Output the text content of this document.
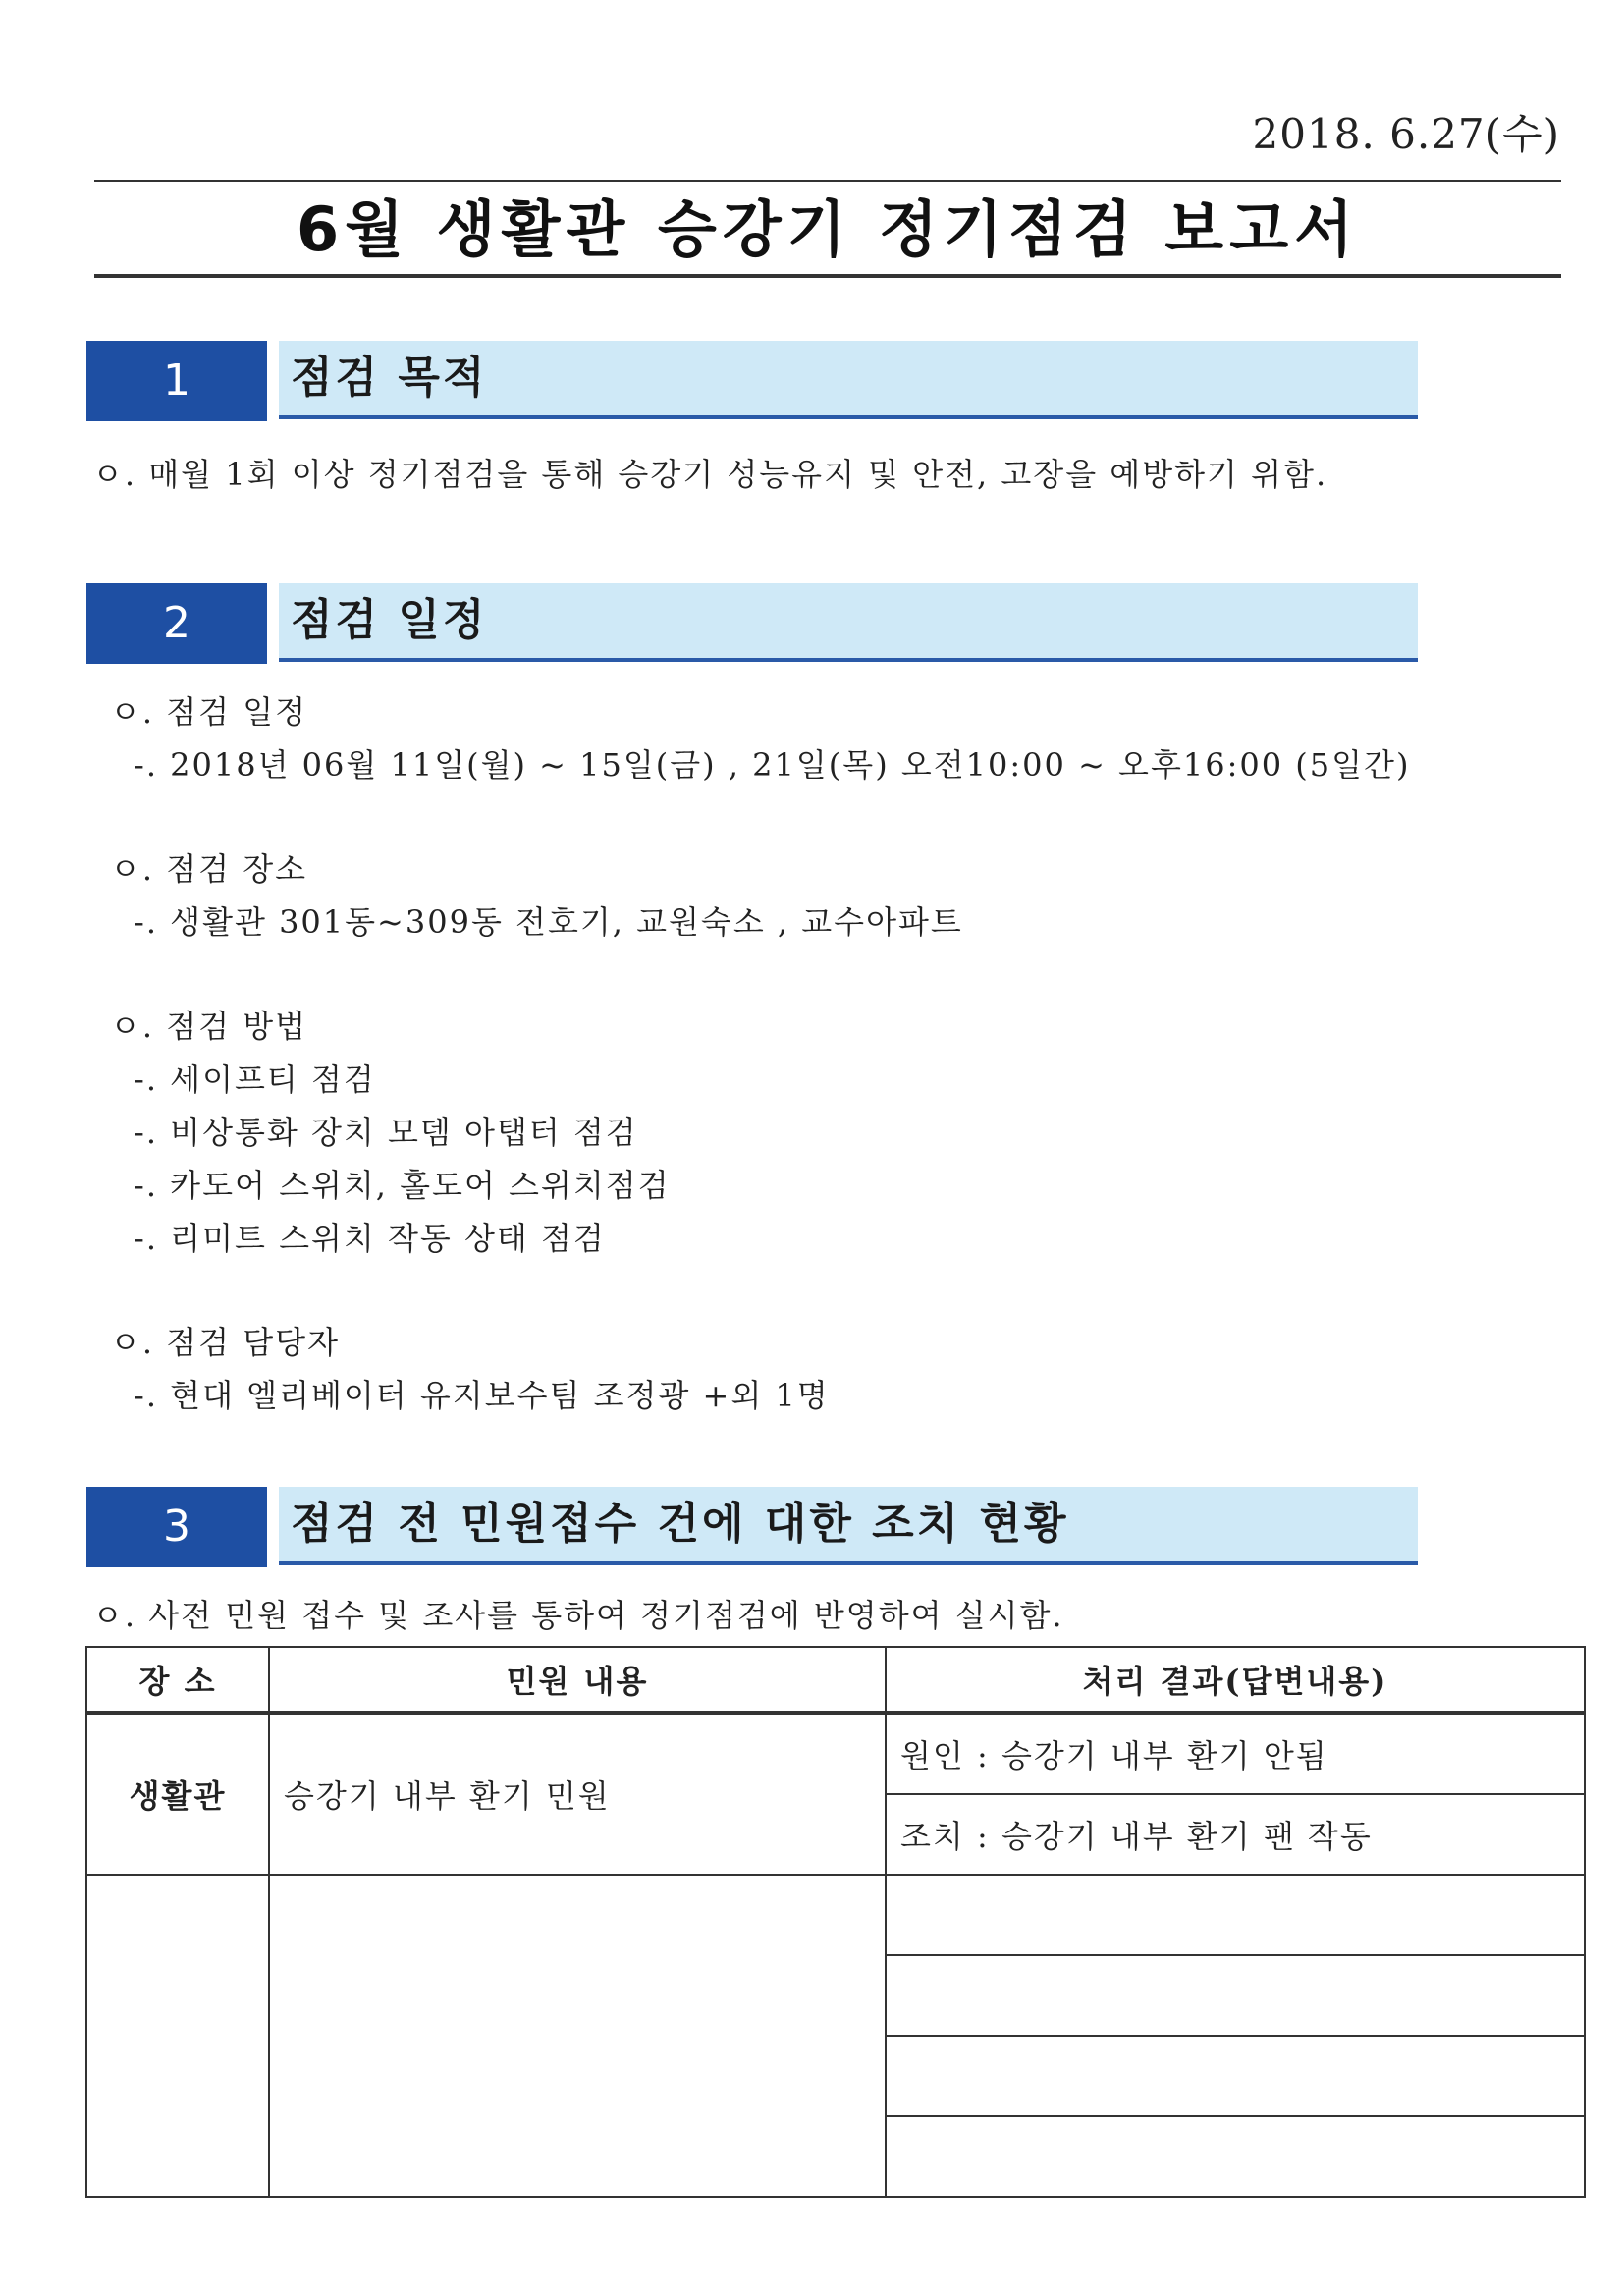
2018. 6.27(수)
6월 생활관 승강기 정기점검 보고서
1	점검 목적
ㅇ. 매월 1회 이상 정기점검을 통해 승강기 성능유지 및 안전, 고장을 예방하기 위함.
2	점검 일정
ㅇ. 점검 일정
-. 2018년 06월 11일(월) ~ 15일(금) , 21일(목) 오전10:00 ~ 오후16:00 (5일간)
ㅇ. 점검 장소
-. 생활관 301동~309동 전호기, 교원숙소 , 교수아파트
ㅇ. 점검 방법
-. 세이프티 점검
-. 비상통화 장치 모뎀 아탭터 점검
-. 카도어 스위치, 홀도어 스위치점검
-. 리미트 스위치 작동 상태 점검
ㅇ. 점검 담당자
-. 현대 엘리베이터 유지보수팀 조정광 +외 1명
3	점검 전 민원접수 건에 대한 조치 현황
ㅇ. 사전 민원 접수 및 조사를 통하여 정기점검에 반영하여 실시함.
장 소	민원 내용	처리 결과(답변내용)
생활관	승강기 내부 환기 민원	원인 : 승강기 내부 환기 안됨
		조치 : 승강기 내부 환기 팬 작동
